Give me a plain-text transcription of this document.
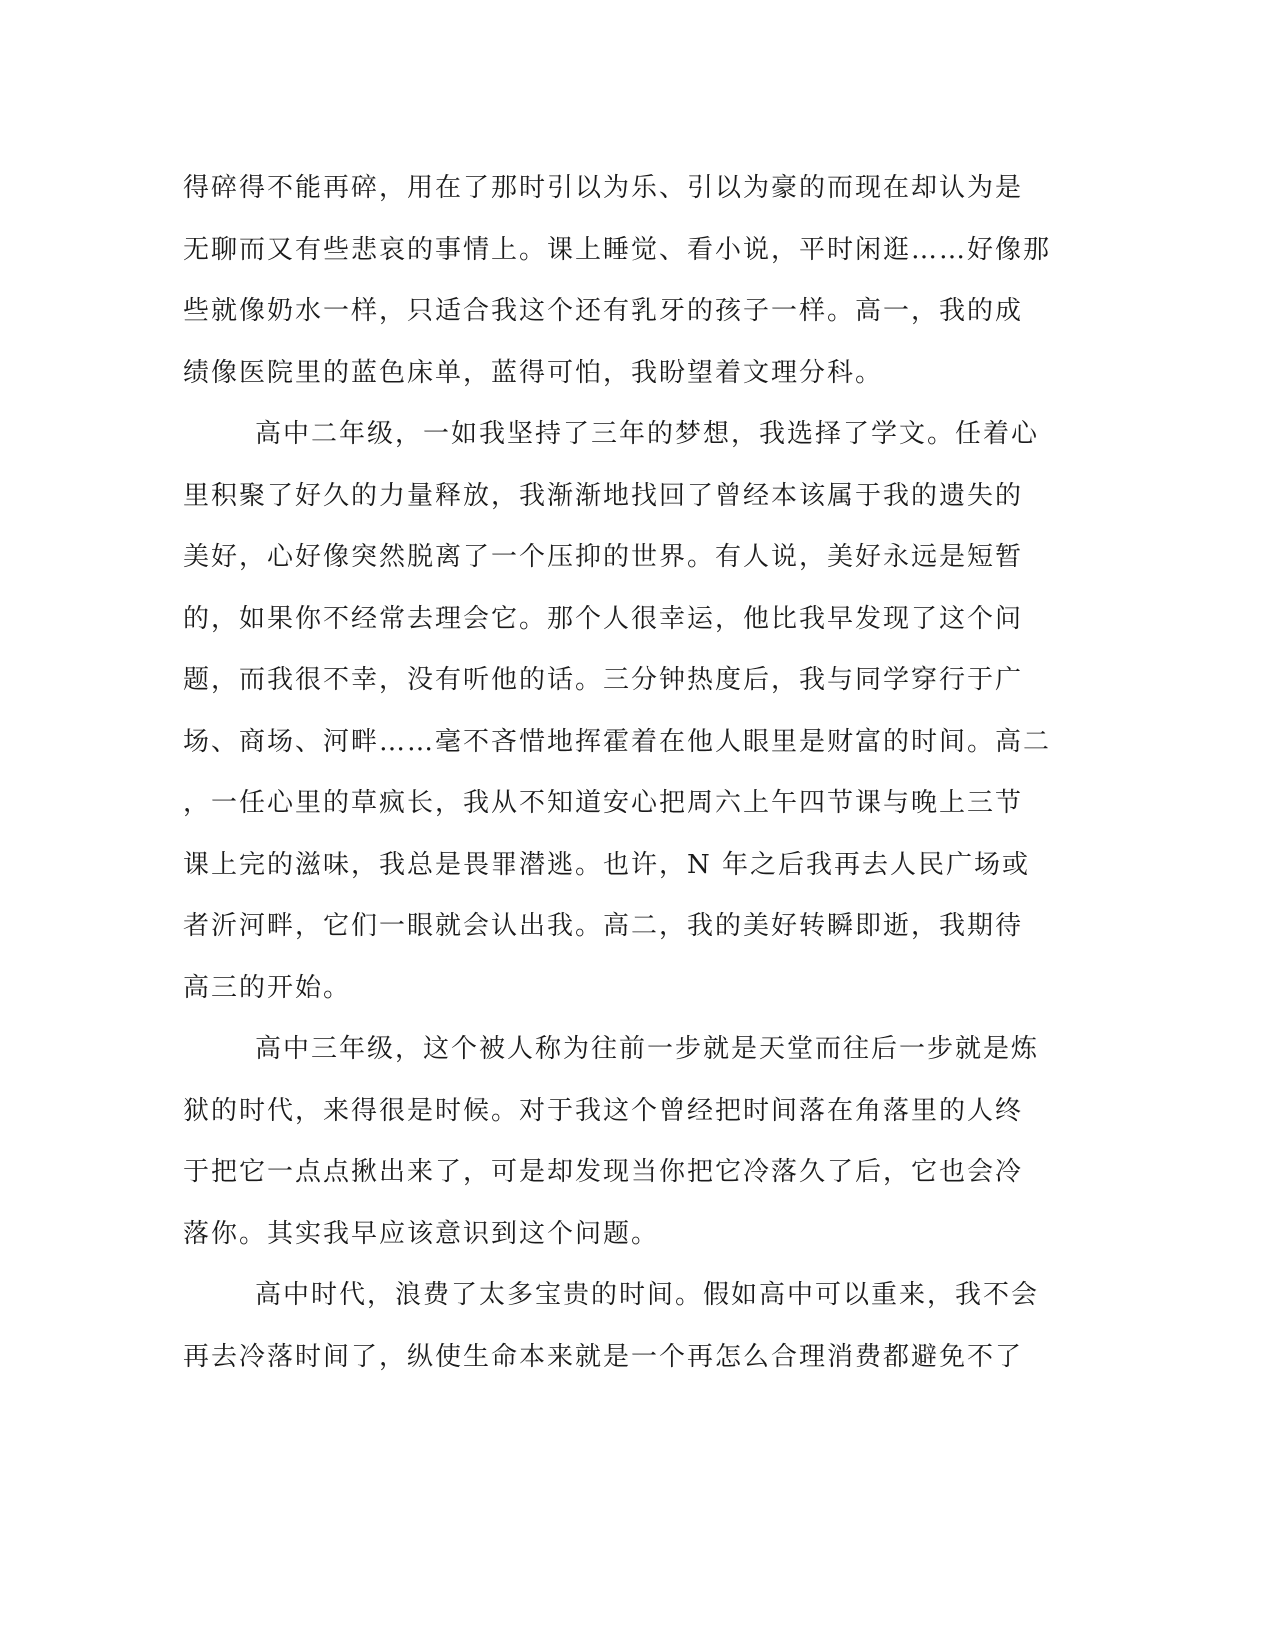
得碎得不能再碎，用在了那时引以为乐、引以为豪的而现在却认为是
无聊而又有些悲哀的事情上。课上睡觉、看小说，平时闲逛……好像那
些就像奶水一样，只适合我这个还有乳牙的孩子一样。高一，我的成
绩像医院里的蓝色床单，蓝得可怕，我盼望着文理分科。
高中二年级，一如我坚持了三年的梦想，我选择了学文。任着心
里积聚了好久的力量释放，我渐渐地找回了曾经本该属于我的遗失的
美好，心好像突然脱离了一个压抑的世界。有人说，美好永远是短暂
的，如果你不经常去理会它。那个人很幸运，他比我早发现了这个问
题，而我很不幸，没有听他的话。三分钟热度后，我与同学穿行于广
场、商场、河畔……毫不吝惜地挥霍着在他人眼里是财富的时间。高二
，一任心里的草疯长，我从不知道安心把周六上午四节课与晚上三节
课上完的滋味，我总是畏罪潜逃。也许，N 年之后我再去人民广场或
者沂河畔，它们一眼就会认出我。高二，我的美好转瞬即逝，我期待
高三的开始。
高中三年级，这个被人称为往前一步就是天堂而往后一步就是炼
狱的时代，来得很是时候。对于我这个曾经把时间落在角落里的人终
于把它一点点揪出来了，可是却发现当你把它冷落久了后，它也会冷
落你。其实我早应该意识到这个问题。
高中时代，浪费了太多宝贵的时间。假如高中可以重来，我不会
再去冷落时间了，纵使生命本来就是一个再怎么合理消费都避免不了
